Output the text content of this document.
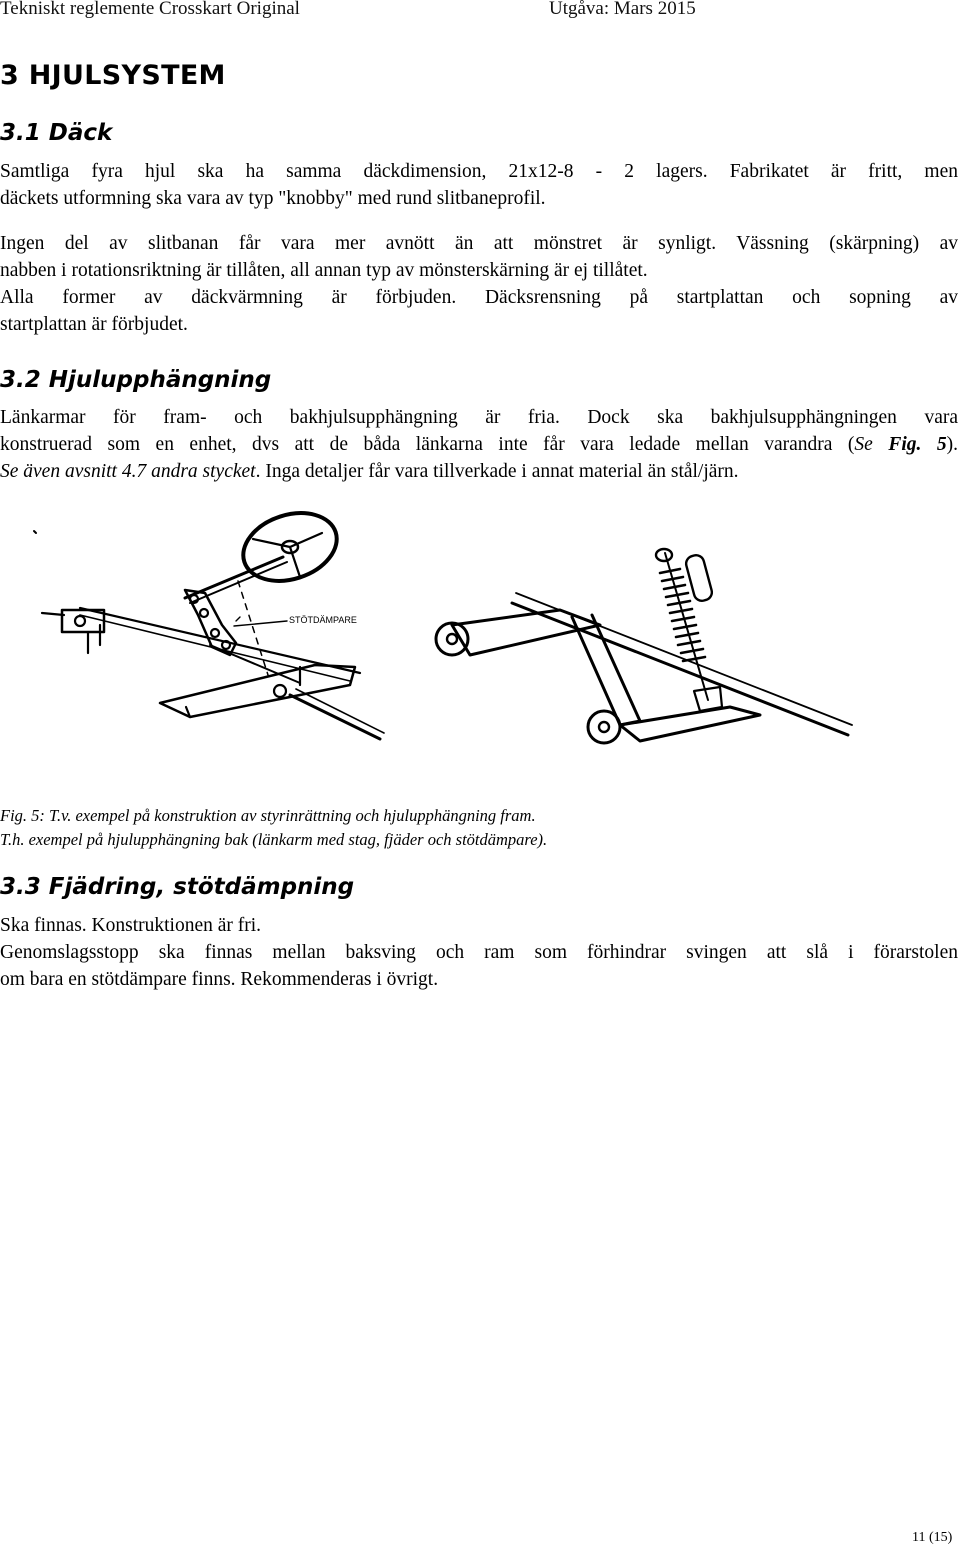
Tekniskt reglemente Crosskart Original	Utgåva: Mars 2015
3 HJULSYSTEM
3.1 Däck
Samtliga fyra hjul ska ha samma däckdimension, 21x12-8 - 2 lagers. Fabrikatet är fritt, men
däckets utformning ska vara av typ "knobby" med rund slitbaneprofil.
Ingen del av slitbanan får vara mer avnött än att mönstret är synligt. Vässning (skärpning) av
nabben i rotationsriktning är tillåten, all annan typ av mönsterskärning är ej tillåtet.
Alla former av däckvärmning är förbjuden. Däcksrensning på startplattan och sopning av
startplattan är förbjudet.
3.2 Hjulupphängning
Länkarmar för fram- och bakhjulsupphängning är fria. Dock ska bakhjulsupphängningen vara
konstruerad som en enhet, dvs att de båda länkarna inte får vara ledade mellan varandra (Se Fig. 5).
Se även avsnitt 4.7 andra stycket. Inga detaljer får vara tillverkade i annat material än stål/järn.
STÖTDÄMPARE
Fig. 5: T.v. exempel på konstruktion av styrinrättning och hjulupphängning fram.
T.h. exempel på hjulupphängning bak (länkarm med stag, fjäder och stötdämpare).
3.3 Fjädring, stötdämpning
Ska finnas. Konstruktionen är fri.
Genomslagsstopp ska finnas mellan baksving och ram som förhindrar svingen att slå i förarstolen
om bara en stötdämpare finns. Rekommenderas i övrigt.
11 (15)
